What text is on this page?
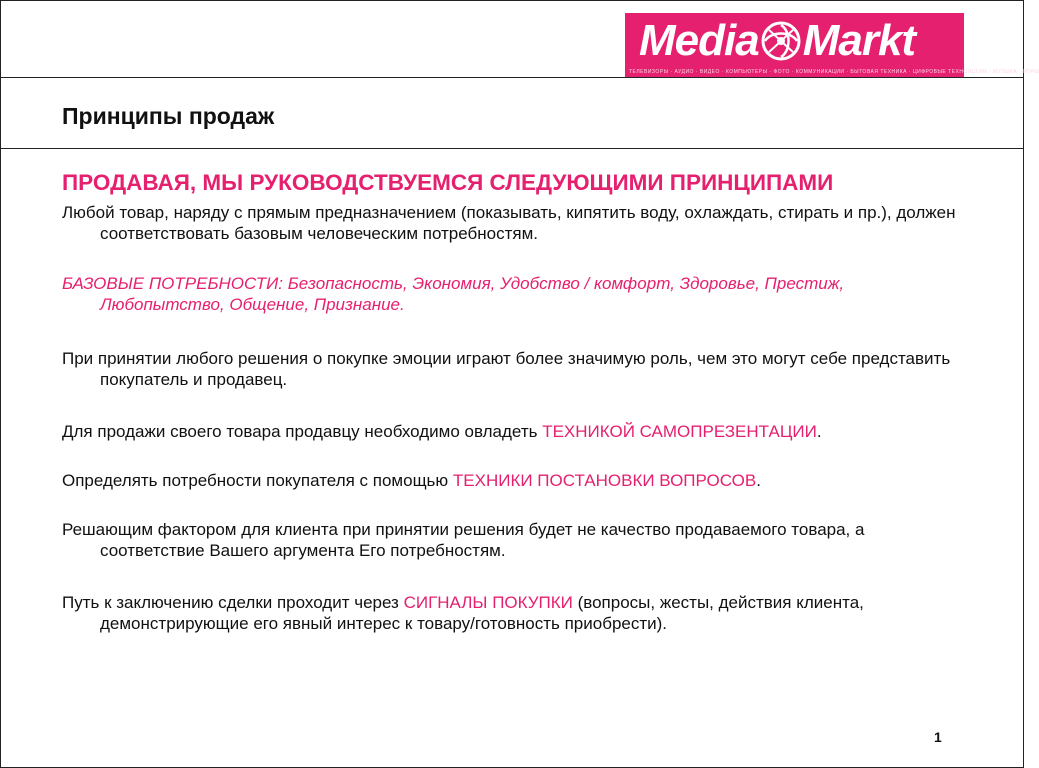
Media Markt
ТЕЛЕВИЗОРЫ · АУДИО · ВИДЕО · КОМПЬЮТЕРЫ · ФОТО · КОММУНИКАЦИИ · БЫТОВАЯ ТЕХНИКА · ЦИФРОВЫЕ ТЕХНОЛОГИИ · МУЗЫКА · ИГРЫ
Принципы продаж
ПРОДАВАЯ, МЫ РУКОВОДСТВУЕМСЯ СЛЕДУЮЩИМИ ПРИНЦИПАМИ

Любой товар, наряду с прямым предназначением (показывать, кипятить воду, охлаждать, стирать и пр.), должен соответствовать базовым человеческим потребностям.

БАЗОВЫЕ ПОТРЕБНОСТИ: Безопасность, Экономия, Удобство / комфорт, Здоровье, Престиж, Любопытство, Общение, Признание.

При принятии любого решения о покупке эмоции играют более значимую роль, чем это могут себе представить покупатель и продавец.

Для продажи своего товара продавцу необходимо овладеть ТЕХНИКОЙ САМОПРЕЗЕНТАЦИИ.

Определять потребности покупателя с помощью ТЕХНИКИ ПОСТАНОВКИ ВОПРОСОВ.

Решающим фактором для клиента при принятии решения будет не качество продаваемого товара, а соответствие Вашего аргумента Его потребностям.

Путь к заключению сделки проходит через СИГНАЛЫ ПОКУПКИ (вопросы, жесты, действия клиента, демонстрирующие его явный интерес к товару/готовность приобрести).

1
